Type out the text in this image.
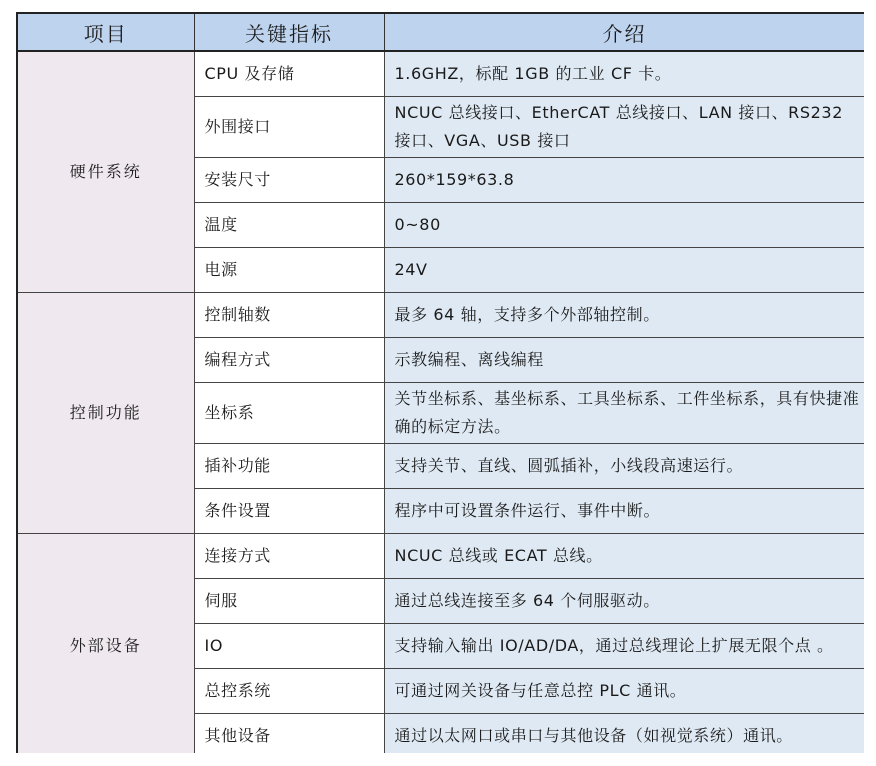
项目	关键指标	介绍
硬件系统	CPU 及存储	1.6GHZ，标配 1GB 的工业 CF 卡。
	外围接口	NCUC 总线接口、EtherCAT 总线接口、LAN 接口、RS232 接口、VGA、USB 接口
	安装尺寸	260*159*63.8
	温度	0~80
	电源	24V
控制功能	控制轴数	最多 64 轴，支持多个外部轴控制。
	编程方式	示教编程、离线编程
	坐标系	关节坐标系、基坐标系、工具坐标系、工件坐标系，具有快捷准确的标定方法。
	插补功能	支持关节、直线、圆弧插补，小线段高速运行。
	条件设置	程序中可设置条件运行、事件中断。
外部设备	连接方式	NCUC 总线或 ECAT 总线。
	伺服	通过总线连接至多 64 个伺服驱动。
	IO	支持输入输出 IO/AD/DA，通过总线理论上扩展无限个点 。
	总控系统	可通过网关设备与任意总控 PLC 通讯。
	其他设备	通过以太网口或串口与其他设备（如视觉系统）通讯。
